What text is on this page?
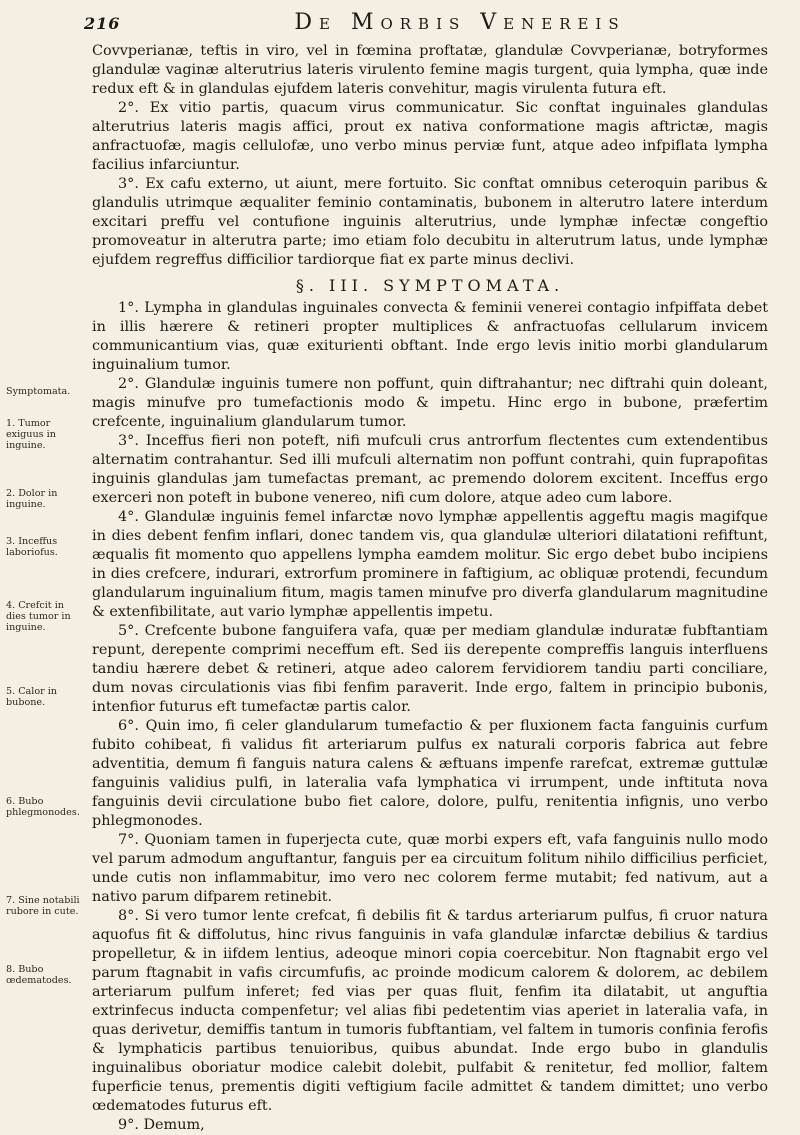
216	De Morbis Venereis

Covvperianæ, teftis in viro, vel in fœmina proftatæ, glandulæ Covvperianæ, botryformes glandulæ vaginæ alterutrius lateris virulento femine magis turgent, quia lympha, quæ inde redux eft & in glandulas ejufdem lateris convehitur, magis virulenta futura eft.

2°. Ex vitio partis, quacum virus communicatur. Sic conftat inguinales glandulas alterutrius lateris magis affici, prout ex nativa conformatione magis aftrictæ, magis anfractuofæ, magis cellulofæ, uno verbo minus perviæ funt, atque adeo infpiflata lympha facilius infarciuntur.

3°. Ex cafu externo, ut aiunt, mere fortuito. Sic conftat omnibus ceteroquin paribus & glandulis utrimque æqualiter feminio contaminatis, bubonem in alterutro latere interdum excitari preffu vel contufione inguinis alterutrius, unde lymphæ infectæ congeftio promoveatur in alterutra parte; imo etiam folo decubitu in alterutrum latus, unde lymphæ ejufdem regreffus difficilior tardiorque fiat ex parte minus declivi.

§. III. SYMPTOMATA.

1°. Lympha in glandulas inguinales convecta & feminii venerei contagio infpiffata debet in illis hærere & retineri propter multiplices & anfractuofas cellularum invicem communicantium vias, quæ exiturienti obftant. Inde ergo levis initio morbi glandularum inguinalium tumor.

2°. Glandulæ inguinis tumere non poffunt, quin diftrahantur; nec diftrahi quin doleant, magis minufve pro tumefactionis modo & impetu. Hinc ergo in bubone, præfertim crefcente, inguinalium glandularum tumor.

3°. Inceffus fieri non poteft, nifi mufculi crus antrorfum flectentes cum extendentibus alternatim contrahantur. Sed illi mufculi alternatim non poffunt contrahi, quin fuprapofitas inguinis glandulas jam tumefactas premant, ac premendo dolorem excitent. Inceffus ergo exerceri non poteft in bubone venereo, nifi cum dolore, atque adeo cum labore.

4°. Glandulæ inguinis femel infarctæ novo lymphæ appellentis aggeftu magis magifque in dies debent fenfim inflari, donec tandem vis, qua glandulæ ulteriori dilatationi refiftunt, æqualis fit momento quo appellens lympha eamdem molitur. Sic ergo debet bubo incipiens in dies crefcere, indurari, extrorfum prominere in faftigium, ac obliquæ protendi, fecundum glandularum inguinalium fitum, magis tamen minufve pro diverfa glandularum magnitudine & extenfibilitate, aut vario lymphæ appellentis impetu.

5°. Crefcente bubone fanguifera vafa, quæ per mediam glandulæ induratæ fubftantiam repunt, derepente comprimi neceffum eft. Sed iis derepente compreffis languis interfluens tandiu hærere debet & retineri, atque adeo calorem fervidiorem tandiu parti conciliare, dum novas circulationis vias fibi fenfim paraverit. Inde ergo, faltem in principio bubonis, intenfior futurus eft tumefactæ partis calor.

6°. Quin imo, fi celer glandularum tumefactio & per fluxionem facta fanguinis curfum fubito cohibeat, fi validus fit arteriarum pulfus ex naturali corporis fabrica aut febre adventitia, demum fi fanguis natura calens & æftuans impenfe rarefcat, extremæ guttulæ fanguinis validius pulfi, in lateralia vafa lymphatica vi irrumpent, unde inftituta nova fanguinis devii circulatione bubo fiet calore, dolore, pulfu, renitentia infignis, uno verbo phlegmonodes.

7°. Quoniam tamen in fuperjecta cute, quæ morbi expers eft, vafa fanguinis nullo modo vel parum admodum anguftantur, fanguis per ea circuitum folitum nihilo difficilius perficiet, unde cutis non inflammabitur, imo vero nec colorem ferme mutabit; fed nativum, aut a nativo parum difparem retinebit.

8°. Si vero tumor lente crefcat, fi debilis fit & tardus arteriarum pulfus, fi cruor natura aquofus fit & diffolutus, hinc rivus fanguinis in vafa glandulæ infarctæ debilius & tardius propelletur, & in iifdem lentius, adeoque minori copia coercebitur. Non ftagnabit ergo vel parum ftagnabit in vafis circumfufis, ac proinde modicum calorem & dolorem, ac debilem arteriarum pulfum inferet; fed vias per quas fluit, fenfim ita dilatabit, ut anguftia extrinfecus inducta compenfetur; vel alias fibi pedetentim vias aperiet in lateralia vafa, in quas derivetur, demiffis tantum in tumoris fubftantiam, vel faltem in tumoris confinia ferofis & lymphaticis partibus tenuioribus, quibus abundat. Inde ergo bubo in glandulis inguinalibus oboriatur modice calebit dolebit, pulfabit & renitetur, fed mollior, faltem fuperficie tenus, prementis digiti veftigium facile admittet & tandem dimittet; uno verbo œdematodes futurus eft.

9°. Demum,

Symptomata.
1. Tumor exiguus in inguine.
2. Dolor in inguine.
3. Inceffus laboriofus.
4. Crefcit in dies tumor in inguine.
5. Calor in bubone.
6. Bubo phlegmonodes.
7. Sine notabili rubore in cute.
8. Bubo œdematodes.
